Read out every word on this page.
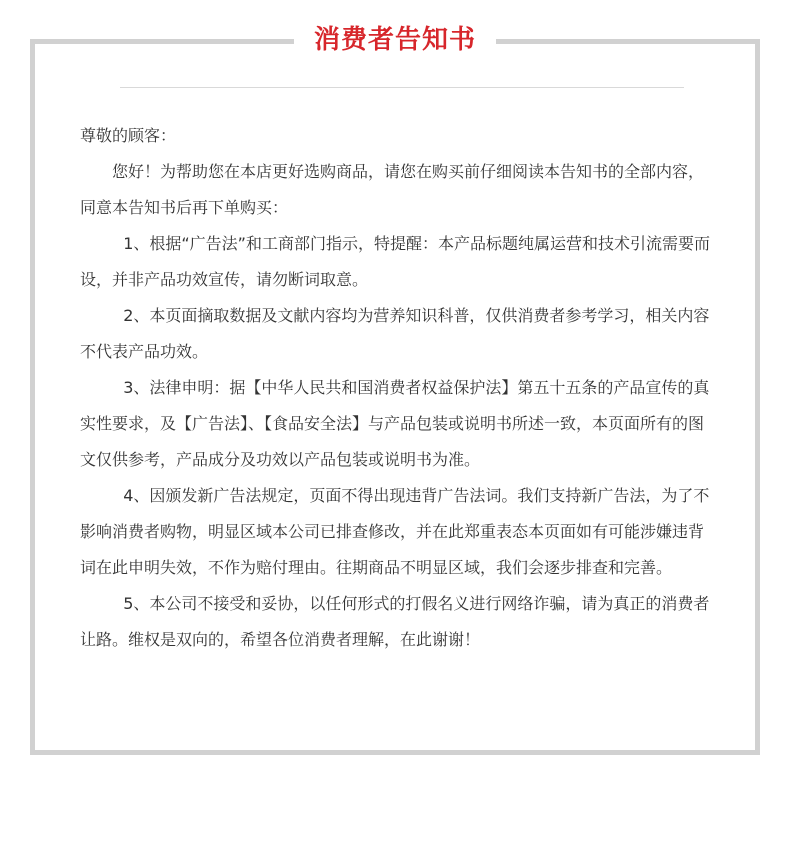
消费者告知书

尊敬的顾客：

您好！为帮助您在本店更好选购商品，请您在购买前仔细阅读本告知书的全部内容，同意本告知书后再下单购买：

1、根据“广告法”和工商部门指示，特提醒：本产品标题纯属运营和技术引流需要而设，并非产品功效宣传，请勿断词取意。

2、本页面摘取数据及文献内容均为营养知识科普，仅供消费者参考学习，相关内容不代表产品功效。

3、法律申明：据【中华人民共和国消费者权益保护法】第五十五条的产品宣传的真实性要求，及【广告法】、【食品安全法】与产品包装或说明书所述一致，本页面所有的图文仅供参考，产品成分及功效以产品包装或说明书为准。

4、因颁发新广告法规定，页面不得出现违背广告法词。我们支持新广告法，为了不影响消费者购物，明显区域本公司已排查修改，并在此郑重表态本页面如有可能涉嫌违背词在此申明失效，不作为赔付理由。往期商品不明显区域，我们会逐步排查和完善。

5、本公司不接受和妥协，以任何形式的打假名义进行网络诈骗，请为真正的消费者让路。维权是双向的，希望各位消费者理解，在此谢谢！
